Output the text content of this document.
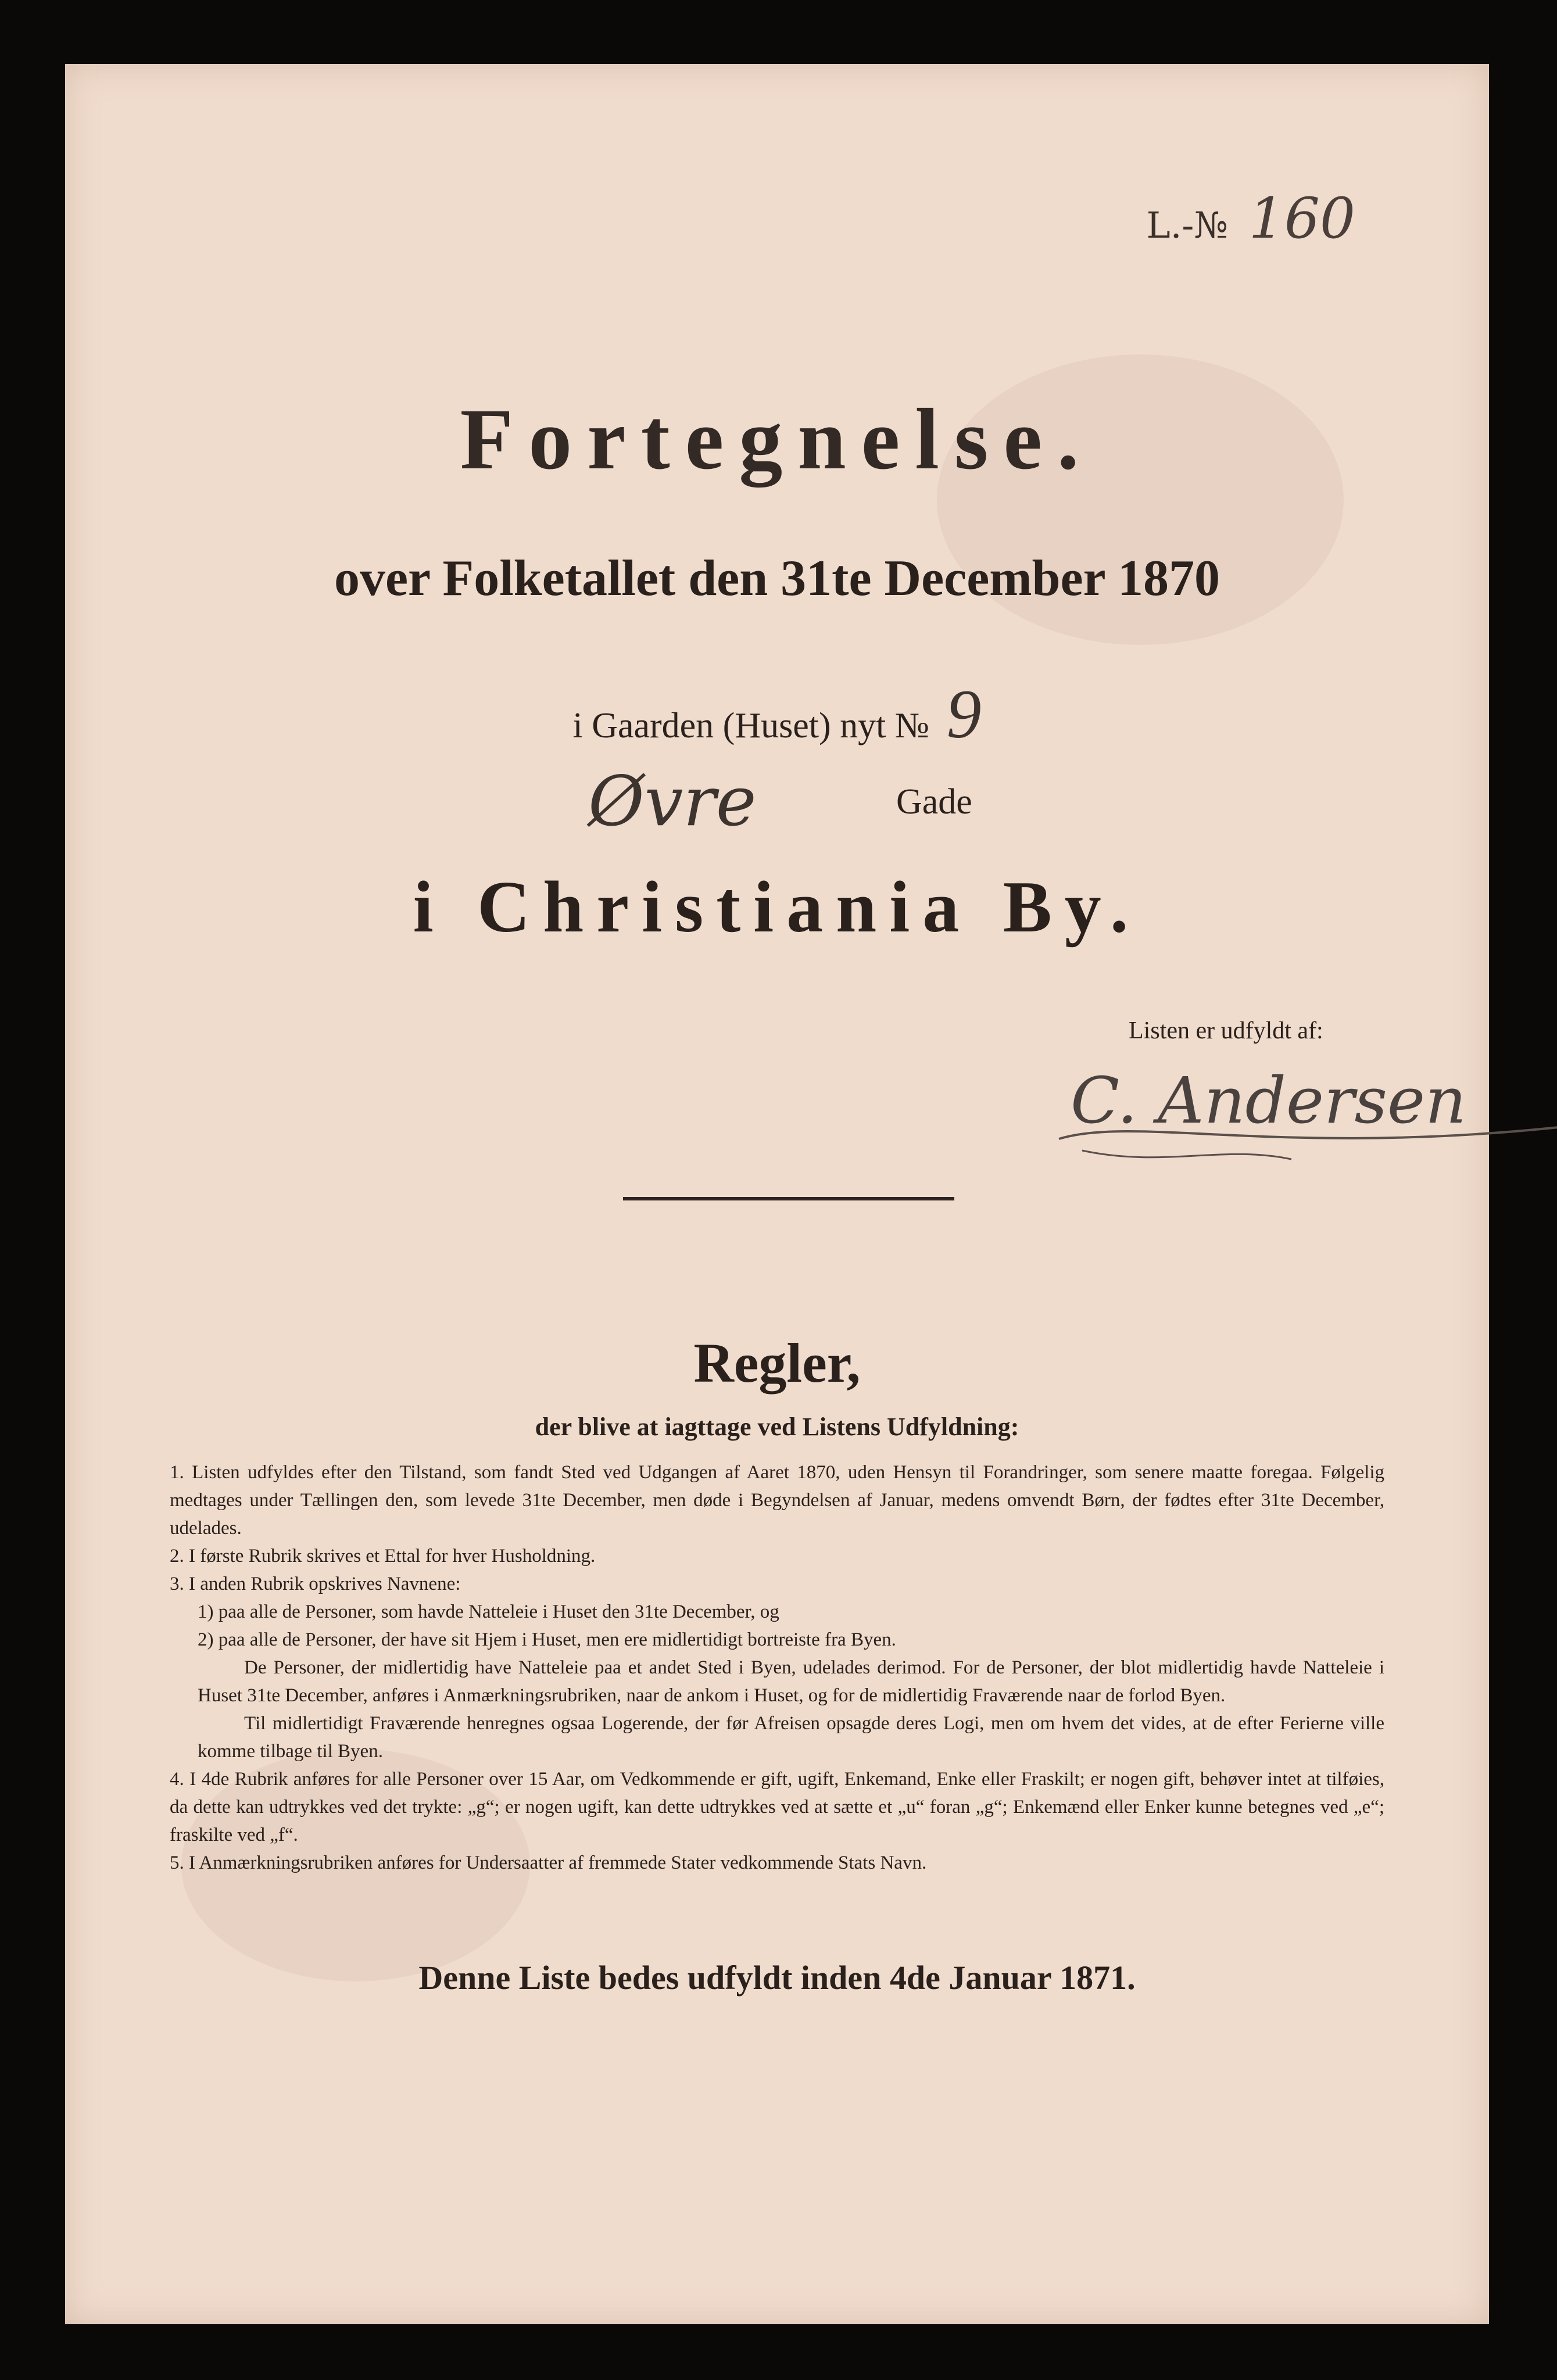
L.-№ 160
Fortegnelse.
over Folketallet den 31te December 1870
i Gaarden (Huset) nyt № 9
Øvre	Gade
i Christiania By.
Listen er udfyldt af:
C. Andersen
Regler,
der blive at iagttage ved Listens Udfyldning:

1. Listen udfyldes efter den Tilstand, som fandt Sted ved Udgangen af Aaret 1870, uden Hensyn til Forandringer, som senere maatte foregaa. Følgelig medtages under Tællingen den, som levede 31te December, men døde i Begyndelsen af Januar, medens omvendt Børn, der fødtes efter 31te December, udelades.

2. I første Rubrik skrives et Ettal for hver Husholdning.

3. I anden Rubrik opskrives Navnene:

1) paa alle de Personer, som havde Natteleie i Huset den 31te December, og

2) paa alle de Personer, der have sit Hjem i Huset, men ere midlertidigt bortreiste fra Byen.

De Personer, der midlertidig have Natteleie paa et andet Sted i Byen, udelades derimod. For de Personer, der blot midlertidig havde Natteleie i Huset 31te December, anføres i Anmærkningsrubriken, naar de ankom i Huset, og for de midlertidig Fraværende naar de forlod Byen.

Til midlertidigt Fraværende henregnes ogsaa Logerende, der før Afreisen opsagde deres Logi, men om hvem det vides, at de efter Ferierne ville komme tilbage til Byen.

4. I 4de Rubrik anføres for alle Personer over 15 Aar, om Vedkommende er gift, ugift, Enkemand, Enke eller Fraskilt; er nogen gift, behøver intet at tilføies, da dette kan udtrykkes ved det trykte: „g“; er nogen ugift, kan dette udtrykkes ved at sætte et „u“ foran „g“; Enkemænd eller Enker kunne betegnes ved „e“; fraskilte ved „f“.

5. I Anmærkningsrubriken anføres for Undersaatter af fremmede Stater vedkommende Stats Navn.

Denne Liste bedes udfyldt inden 4de Januar 1871.
